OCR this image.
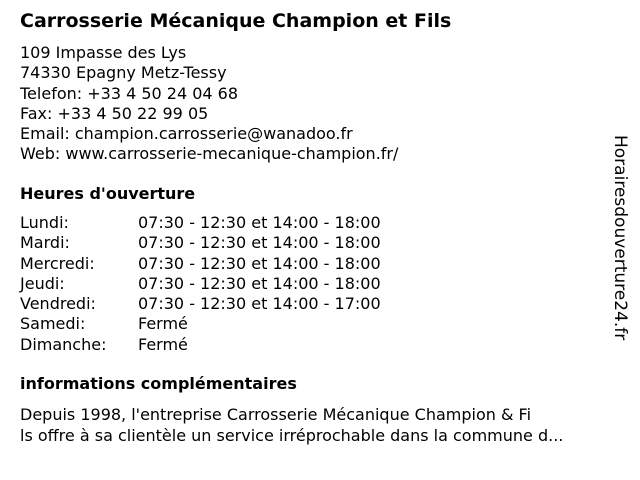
Carrosserie Mécanique Champion et Fils
109 Impasse des Lys
74330 Epagny Metz-Tessy
Telefon: +33 4 50 24 04 68
Fax: +33 4 50 22 99 05
Email: champion.carrosserie@wanadoo.fr
Web: www.carrosserie-mecanique-champion.fr/
Heures d'ouverture
Lundi:	07:30 - 12:30 et 14:00 - 18:00
Mardi:	07:30 - 12:30 et 14:00 - 18:00
Mercredi:	07:30 - 12:30 et 14:00 - 18:00
Jeudi:	07:30 - 12:30 et 14:00 - 18:00
Vendredi:	07:30 - 12:30 et 14:00 - 17:00
Samedi:	Fermé
Dimanche:	Fermé
informations complémentaires
Depuis 1998, l'entreprise Carrosserie Mécanique Champion & Fi
ls offre à sa clientèle un service irréprochable dans la commune d...
Horairesdouverture24.fr
